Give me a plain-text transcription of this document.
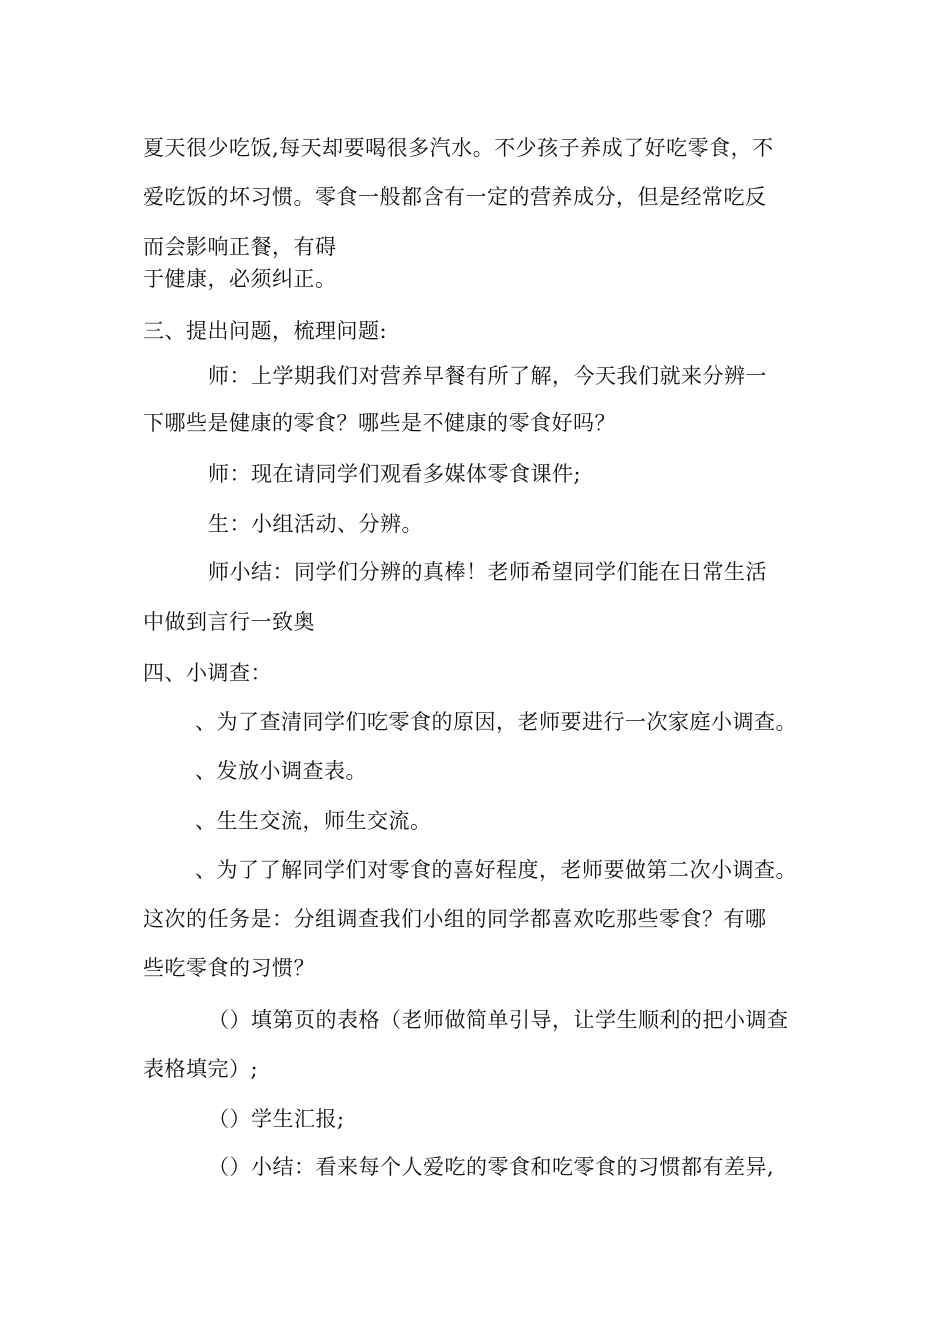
夏天很少吃饭,每天却要喝很多汽水。不少孩子养成了好吃零食，不
爱吃饭的坏习惯。零食一般都含有一定的营养成分，但是经常吃反
而会影响正餐，有碍
于健康，必须纠正。
三、提出问题，梳理问题:
师：上学期我们对营养早餐有所了解，今天我们就来分辨一
下哪些是健康的零食？哪些是不健康的零食好吗？
师：现在请同学们观看多媒体零食课件;
生：小组活动、分辨。
师小结：同学们分辨的真棒！老师希望同学们能在日常生活
中做到言行一致奥
四、小调查：
、为了查清同学们吃零食的原因，老师要进行一次家庭小调查。
、发放小调查表。
、生生交流，师生交流。
、为了了解同学们对零食的喜好程度，老师要做第二次小调查。
这次的任务是：分组调查我们小组的同学都喜欢吃那些零食？有哪
些吃零食的习惯？
（）填第页的表格（老师做简单引导，让学生顺利的把小调查
表格填完）;
（）学生汇报;
（）小结：看来每个人爱吃的零食和吃零食的习惯都有差异,
